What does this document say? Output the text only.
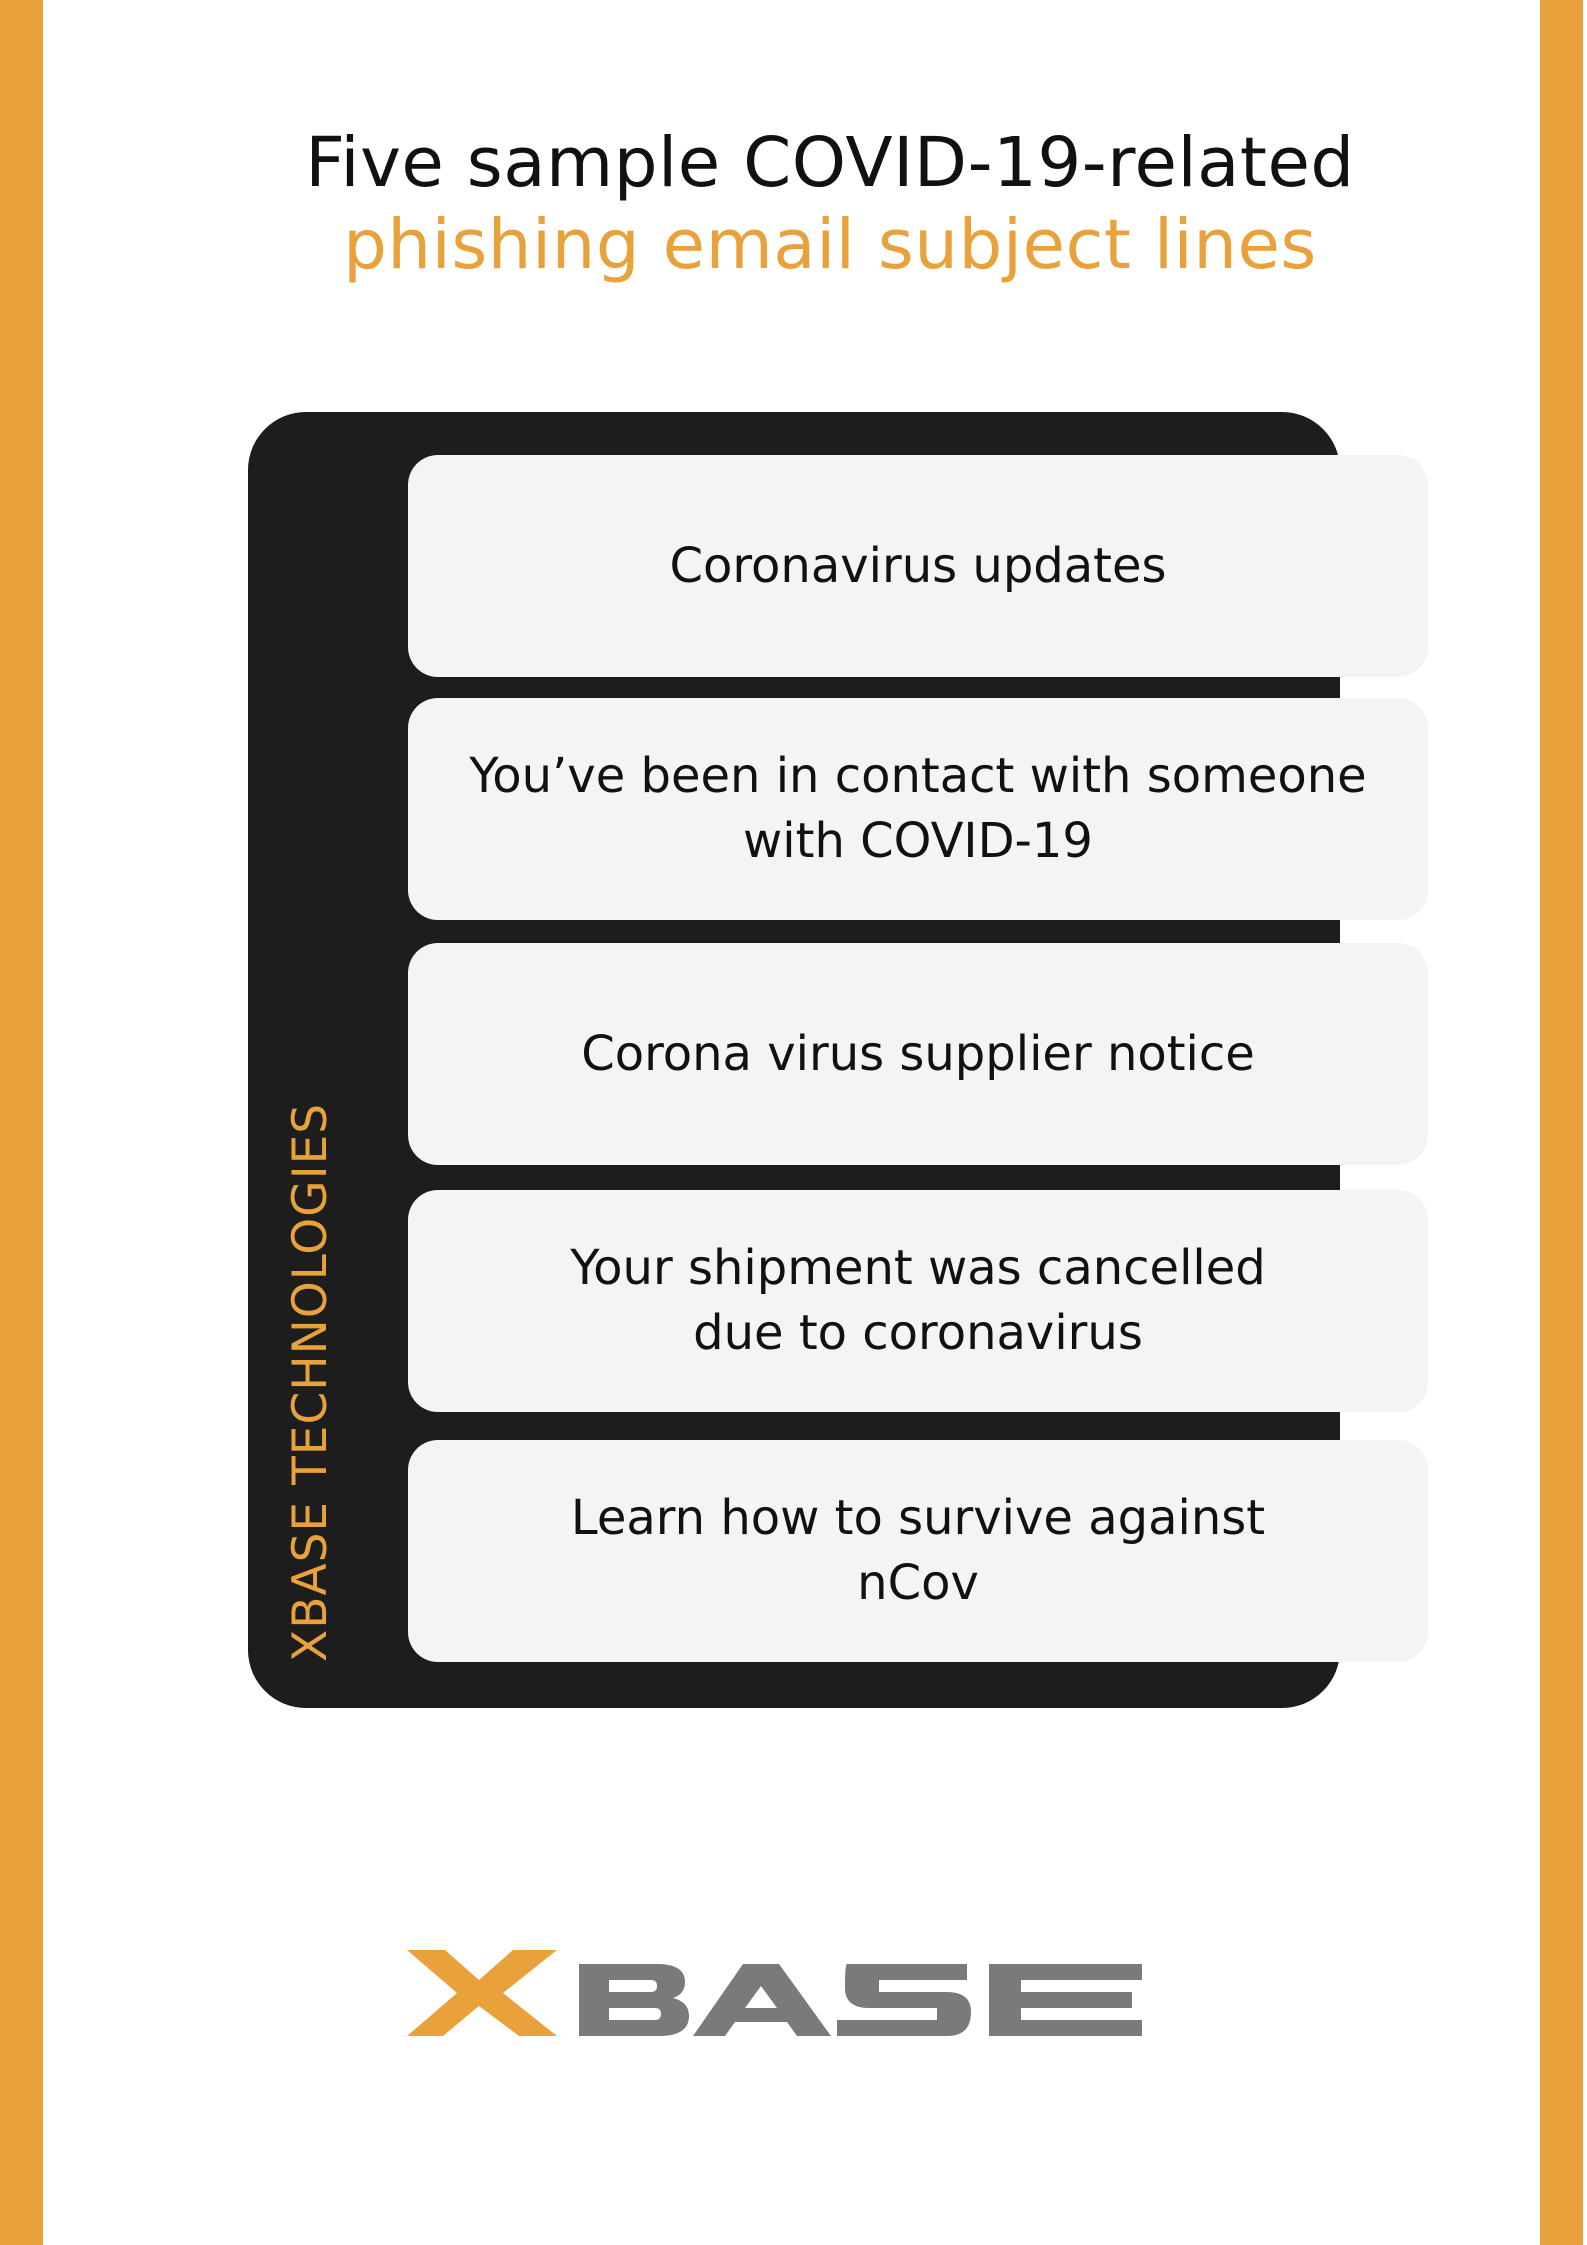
Five sample COVID-19-related
phishing email subject lines
XBASE TECHNOLOGIES
Coronavirus updates
You’ve been in contact with someone
with COVID-19
Corona virus supplier notice
Your shipment was cancelled
due to coronavirus
Learn how to survive against
nCov
